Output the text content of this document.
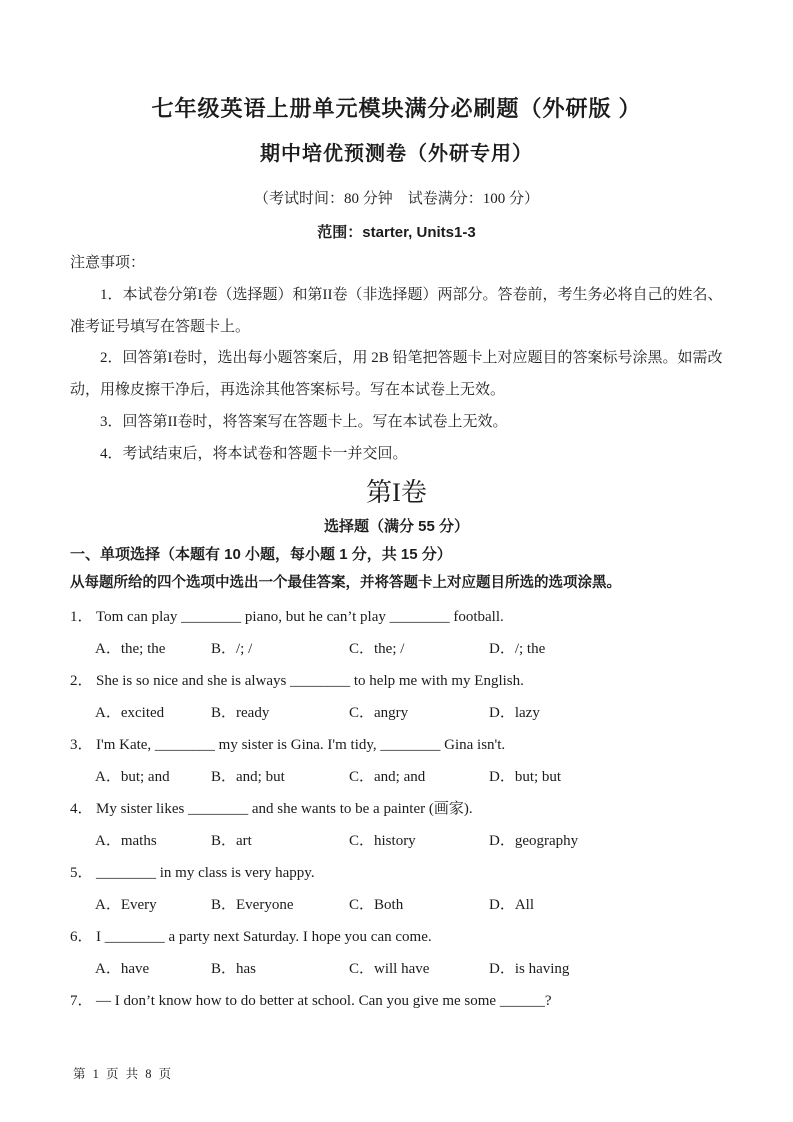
七年级英语上册单元模块满分必刷题（外研版 ）
期中培优预测卷（外研专用）

（考试时间：80 分钟　试卷满分：100 分）

范围：starter, Units1-3

注意事项：

1．本试卷分第I卷（选择题）和第II卷（非选择题）两部分。答卷前，考生务必将自己的姓名、准考证号填写在答题卡上。

2．回答第I卷时，选出每小题答案后，用 2B 铅笔把答题卡上对应题目的答案标号涂黑。如需改动，用橡皮擦干净后，再选涂其他答案标号。写在本试卷上无效。

3．回答第II卷时，将答案写在答题卡上。写在本试卷上无效。

4．考试结束后，将本试卷和答题卡一并交回。

第I卷

选择题（满分 55 分）

一、单项选择（本题有 10 小题，每小题 1 分，共 15 分）

从每题所给的四个选项中选出一个最佳答案，并将答题卡上对应题目所选的选项涂黑。

1． Tom can play ________ piano, but he can’t play ________ football.

A．the; the	B．/; /	C．the; /	D．/; the

2． She is so nice and she is always ________ to help me with my English.

A．excited	B．ready	C．angry	D．lazy

3． I'm Kate, ________ my sister is Gina. I'm tidy, ________ Gina isn't.

A．but; and	B．and; but	C．and; and	D．but; but

4． My sister likes ________ and she wants to be a painter (画家).

A．maths	B．art	C．history	D．geography

5． ________ in my class is very happy.

A．Every	B．Everyone	C．Both	D．All

6． I ________ a party next Saturday. I hope you can come.

A．have	B．has	C．will have	D．is having

7． — I don’t know how to do better at school. Can you give me some ______?

第 1 页 共 8 页
